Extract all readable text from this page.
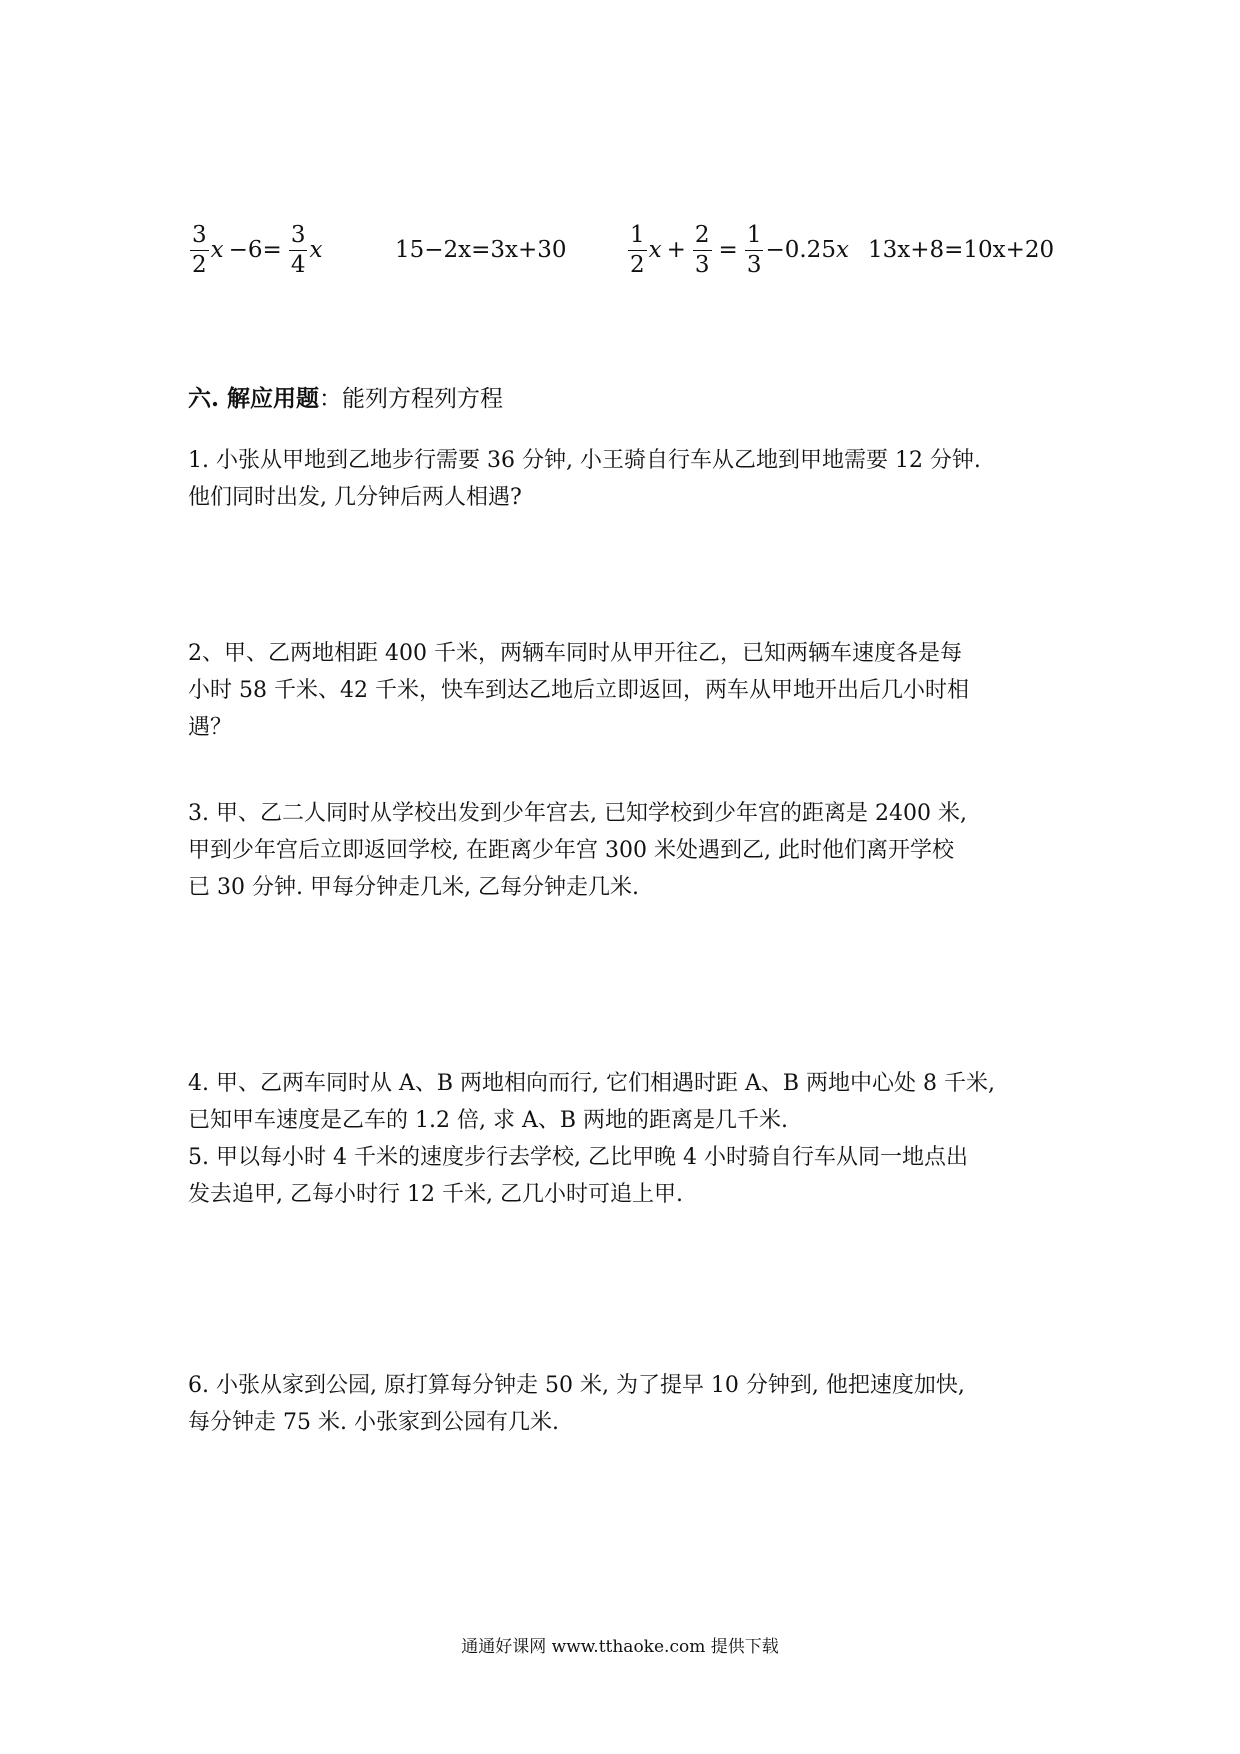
$\frac{3}{2}$ $x -6= \frac{3}{4}$ x	15−2x=3x+30	$\frac{1}{2}$ $x + \frac{2}{3} = \frac{1}{3} -0.25$ x 13x+8=10x+20
六. 解应用题：能列方程列方程

1. 小张从甲地到乙地步行需要 36 分钟, 小王骑自行车从乙地到甲地需要 12 分钟.

他们同时出发, 几分钟后两人相遇?

2、甲、乙两地相距 400 千米，两辆车同时从甲开往乙，已知两辆车速度各是每

小时 58 千米、42 千米，快车到达乙地后立即返回，两车从甲地开出后几小时相

遇？

3. 甲、乙二人同时从学校出发到少年宫去, 已知学校到少年宫的距离是 2400 米,

甲到少年宫后立即返回学校, 在距离少年宫 300 米处遇到乙, 此时他们离开学校

已 30 分钟. 甲每分钟走几米, 乙每分钟走几米.

4. 甲、乙两车同时从 A、B 两地相向而行, 它们相遇时距 A、B 两地中心处 8 千米,

已知甲车速度是乙车的 1.2 倍, 求 A、B 两地的距离是几千米.

5. 甲以每小时 4 千米的速度步行去学校, 乙比甲晚 4 小时骑自行车从同一地点出

发去追甲, 乙每小时行 12 千米, 乙几小时可追上甲.

6. 小张从家到公园, 原打算每分钟走 50 米, 为了提早 10 分钟到, 他把速度加快,

每分钟走 75 米. 小张家到公园有几米.

通通好课网 www.tthaoke.com 提供下载
